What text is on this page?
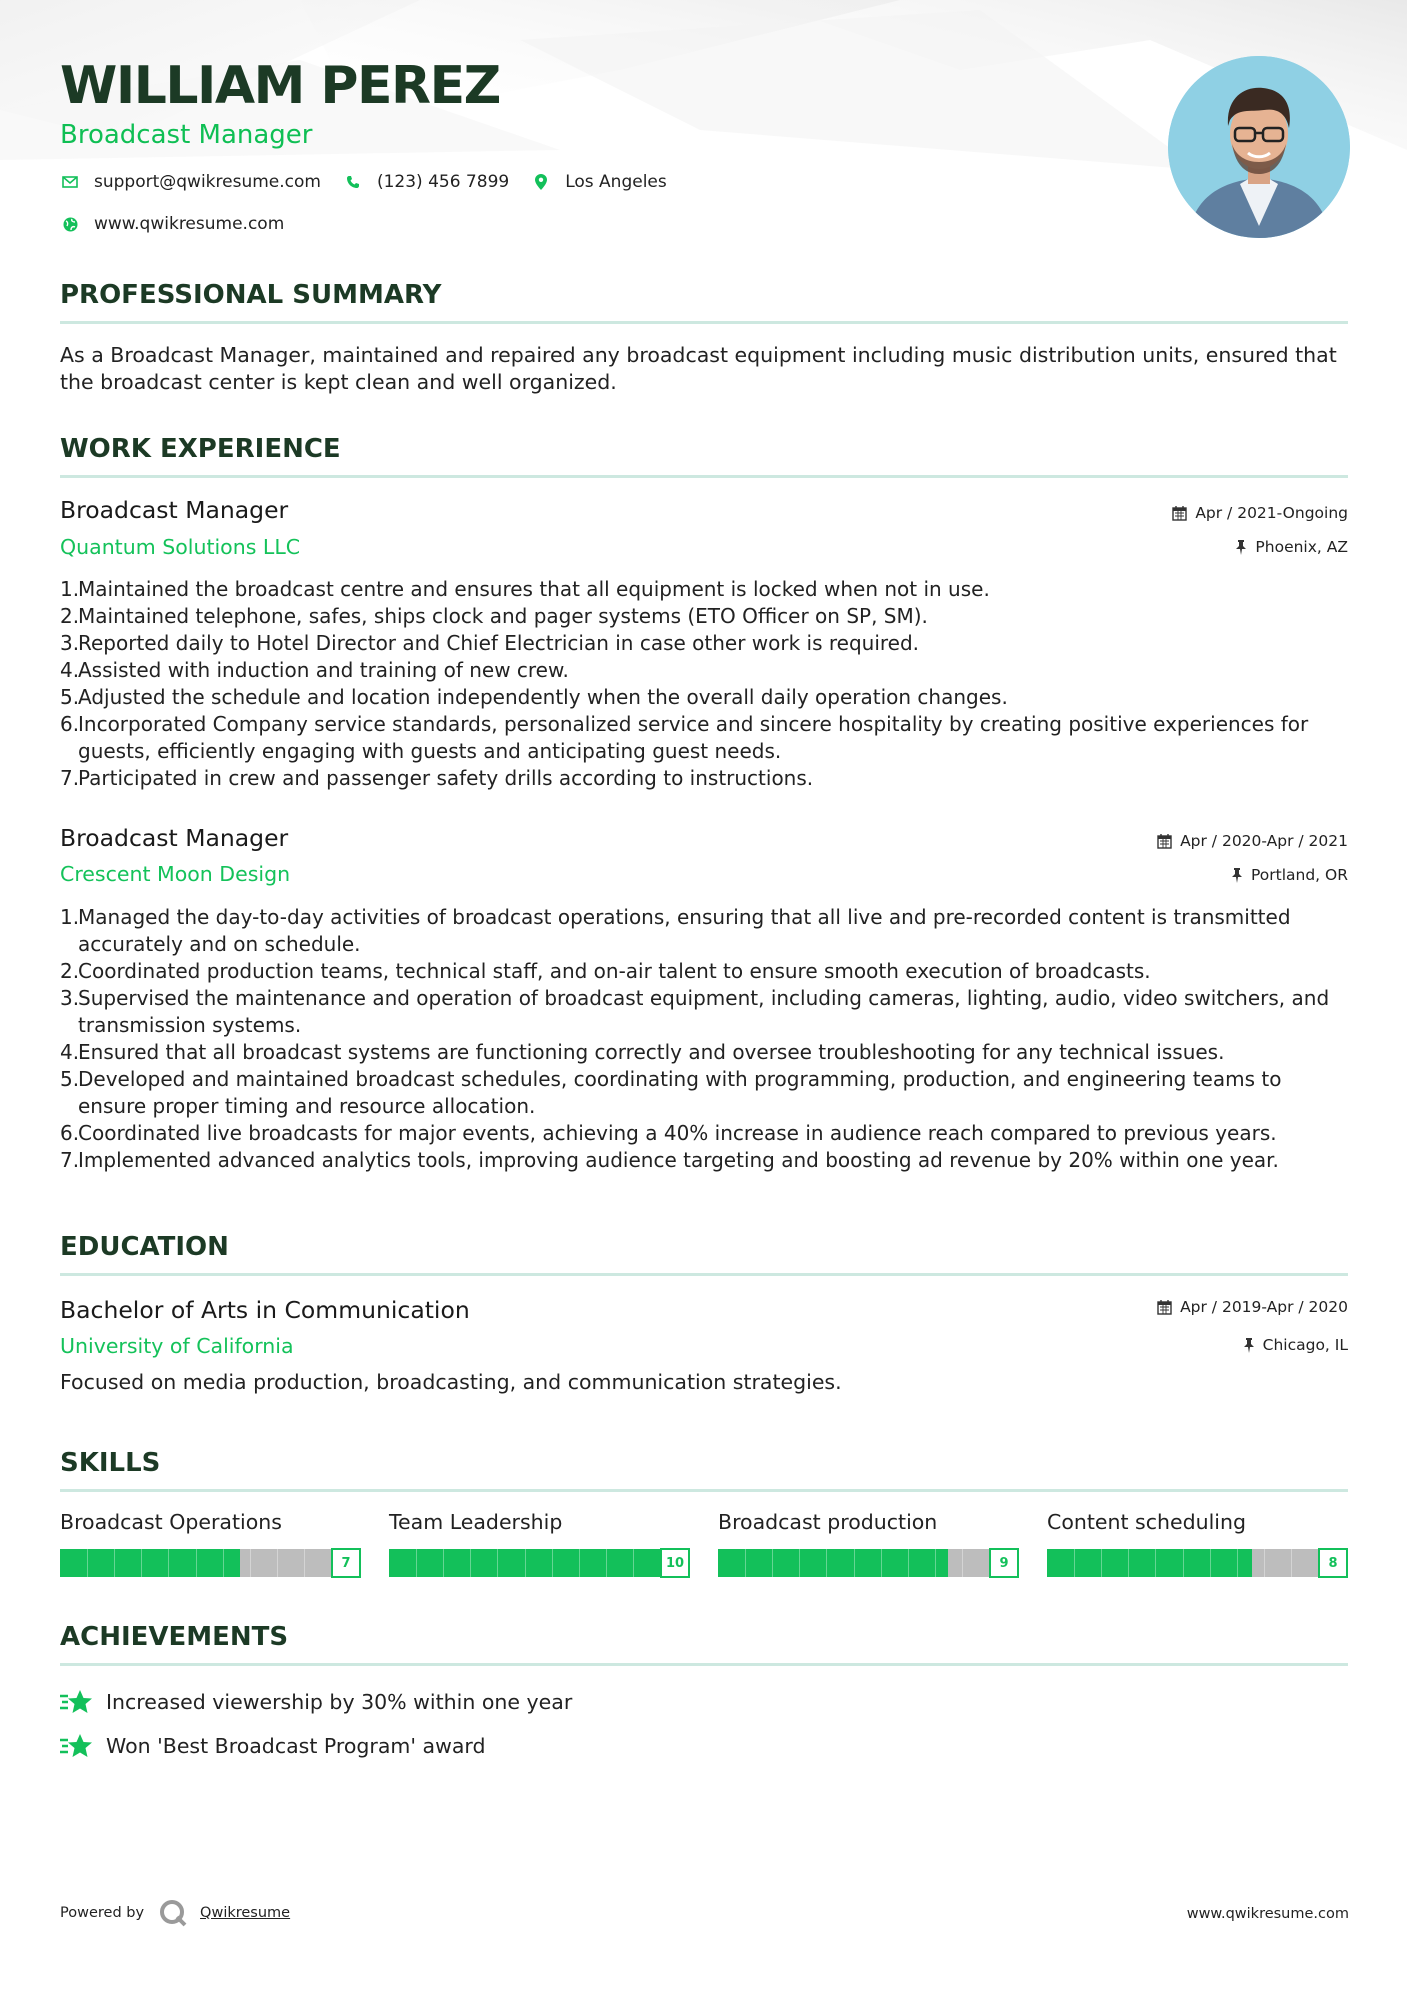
WILLIAM PEREZ
Broadcast Manager
support@qwikresume.com	(123) 456 7899	Los Angeles
www.qwikresume.com
PROFESSIONAL SUMMARY

As a Broadcast Manager, maintained and repaired any broadcast equipment including music distribution units, ensured that the broadcast center is kept clean and well organized.

WORK EXPERIENCE
Broadcast Manager
Quantum Solutions LLC
Apr / 2021-Ongoing
Phoenix, AZ
1.
Maintained the broadcast centre and ensures that all equipment is locked when not in use.
2.
Maintained telephone, safes, ships clock and pager systems (ETO Officer on SP, SM).
3.
Reported daily to Hotel Director and Chief Electrician in case other work is required.
4.
Assisted with induction and training of new crew.
5.
Adjusted the schedule and location independently when the overall daily operation changes.
6.
Incorporated Company service standards, personalized service and sincere hospitality by creating positive experiences for guests, efficiently engaging with guests and anticipating guest needs.
7.
Participated in crew and passenger safety drills according to instructions.
Broadcast Manager
Crescent Moon Design
Apr / 2020-Apr / 2021
Portland, OR
1.
Managed the day-to-day activities of broadcast operations, ensuring that all live and pre-recorded content is transmitted accurately and on schedule.
2.
Coordinated production teams, technical staff, and on-air talent to ensure smooth execution of broadcasts.
3.
Supervised the maintenance and operation of broadcast equipment, including cameras, lighting, audio, video switchers, and transmission systems.
4.
Ensured that all broadcast systems are functioning correctly and oversee troubleshooting for any technical issues.
5.
Developed and maintained broadcast schedules, coordinating with programming, production, and engineering teams to ensure proper timing and resource allocation.
6.
Coordinated live broadcasts for major events, achieving a 40% increase in audience reach compared to previous years.
7.
Implemented advanced analytics tools, improving audience targeting and boosting ad revenue by 20% within one year.
EDUCATION
Bachelor of Arts in Communication
University of California
Apr / 2019-Apr / 2020
Chicago, IL
Focused on media production, broadcasting, and communication strategies.
SKILLS
Broadcast Operations
7
Team Leadership
10
Broadcast production
9
Content scheduling
8
ACHIEVEMENTS
Increased viewership by 30% within one year
Won 'Best Broadcast Program' award
Powered by	Qwikresume	www.qwikresume.com
